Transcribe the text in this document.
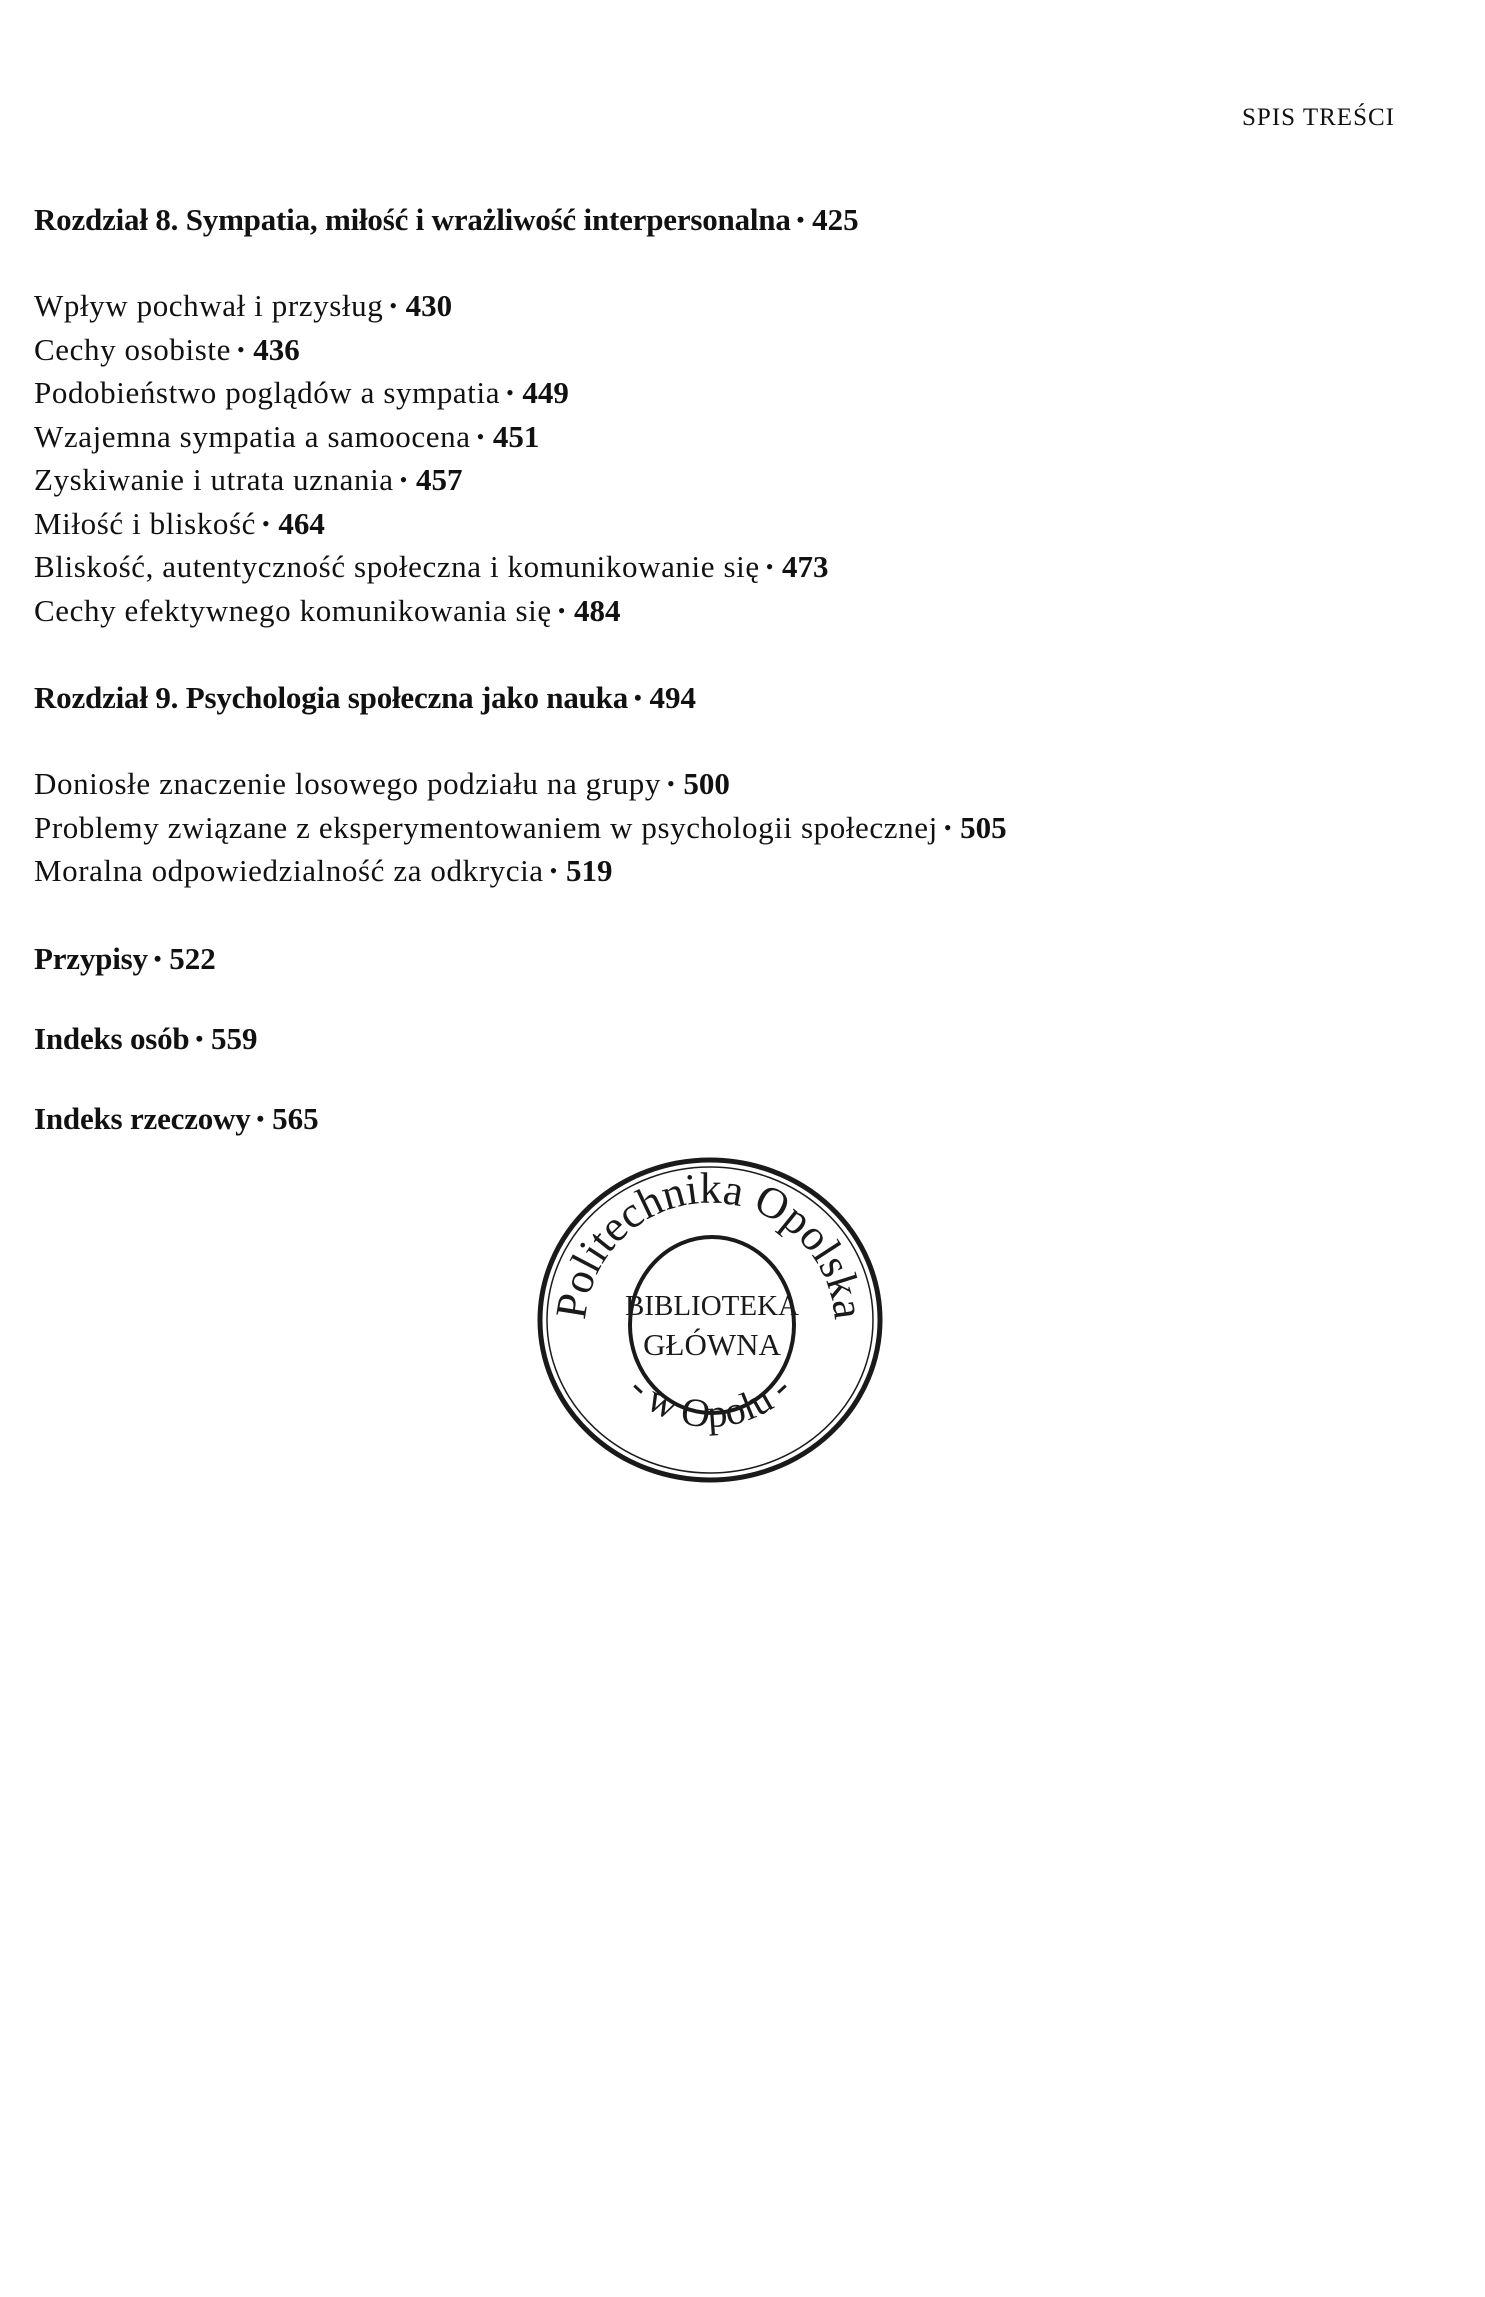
SPIS TREŚCI
Rozdział 8. Sympatia, miłość i wrażliwość interpersonalna • 425
Wpływ pochwał i przysług • 430
Cechy osobiste • 436
Podobieństwo poglądów a sympatia • 449
Wzajemna sympatia a samoocena • 451
Zyskiwanie i utrata uznania • 457
Miłość i bliskość • 464
Bliskość, autentyczność społeczna i komunikowanie się • 473
Cechy efektywnego komunikowania się • 484
Rozdział 9. Psychologia społeczna jako nauka • 494
Doniosłe znaczenie losowego podziału na grupy • 500
Problemy związane z eksperymentowaniem w psychologii społecznej • 505
Moralna odpowiedzialność za odkrycia • 519
Przypisy • 522
Indeks osób • 559
Indeks rzeczowy • 565
Politechnika Opolska
- w Opolu -
BIBLIOTEKA
GŁÓWNA
